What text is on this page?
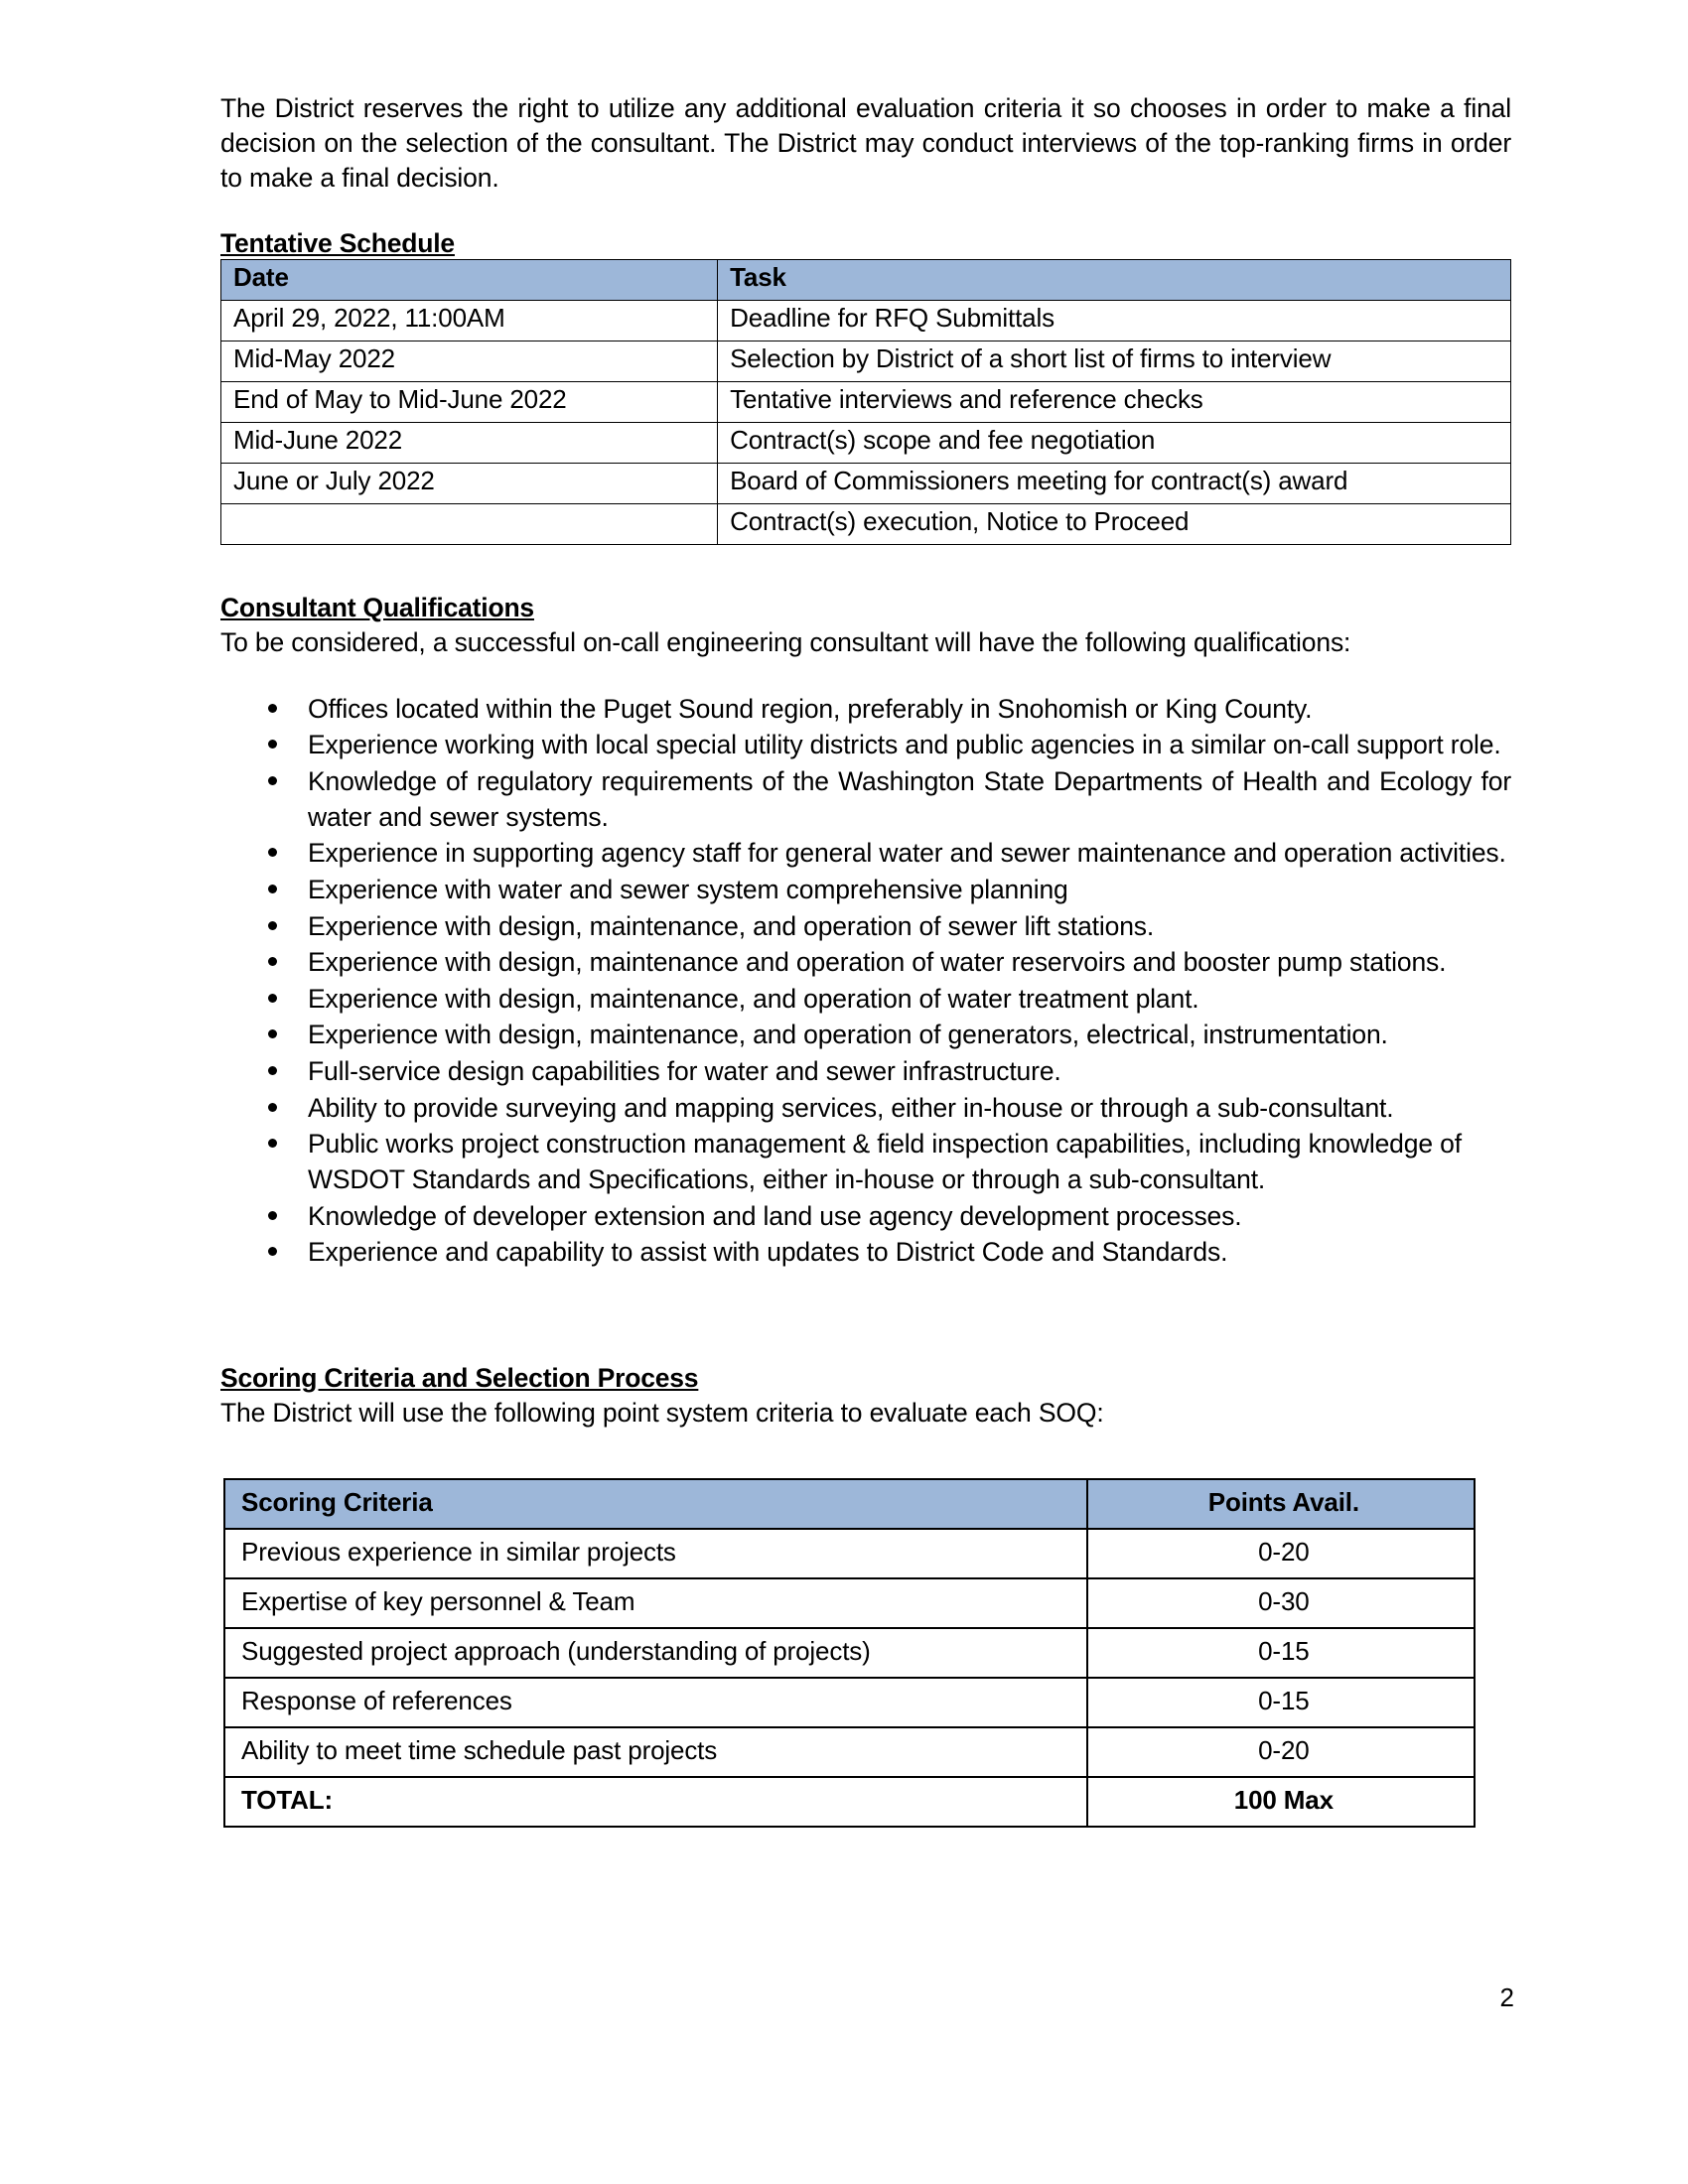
The District reserves the right to utilize any additional evaluation criteria it so chooses in order to make a final decision on the selection of the consultant. The District may conduct interviews of the top-ranking firms in order to make a final decision.

Tentative Schedule
Date	Task
April 29, 2022, 11:00AM	Deadline for RFQ Submittals
Mid-May 2022	Selection by District of a short list of firms to interview
End of May to Mid-June 2022	Tentative interviews and reference checks
Mid-June 2022	Contract(s) scope and fee negotiation
June or July 2022	Board of Commissioners meeting for contract(s) award
	Contract(s) execution, Notice to Proceed
Consultant Qualifications

To be considered, a successful on-call engineering consultant will have the following qualifications:

Offices located within the Puget Sound region, preferably in Snohomish or King County.
Experience working with local special utility districts and public agencies in a similar on-call support role.
Knowledge of regulatory requirements of the Washington State Departments of Health and Ecology for water and sewer systems.
Experience in supporting agency staff for general water and sewer maintenance and operation activities.
Experience with water and sewer system comprehensive planning
Experience with design, maintenance, and operation of sewer lift stations.
Experience with design, maintenance and operation of water reservoirs and booster pump stations.
Experience with design, maintenance, and operation of water treatment plant.
Experience with design, maintenance, and operation of generators, electrical, instrumentation.
Full-service design capabilities for water and sewer infrastructure.
Ability to provide surveying and mapping services, either in-house or through a sub-consultant.
Public works project construction management & field inspection capabilities, including knowledge of WSDOT Standards and Specifications, either in-house or through a sub-consultant.
Knowledge of developer extension and land use agency development processes.
Experience and capability to assist with updates to District Code and Standards.
Scoring Criteria and Selection Process

The District will use the following point system criteria to evaluate each SOQ:

Scoring Criteria	Points Avail.
Previous experience in similar projects	0-20
Expertise of key personnel & Team	0-30
Suggested project approach (understanding of projects)	0-15
Response of references	0-15
Ability to meet time schedule past projects	0-20
TOTAL:	100 Max
2
